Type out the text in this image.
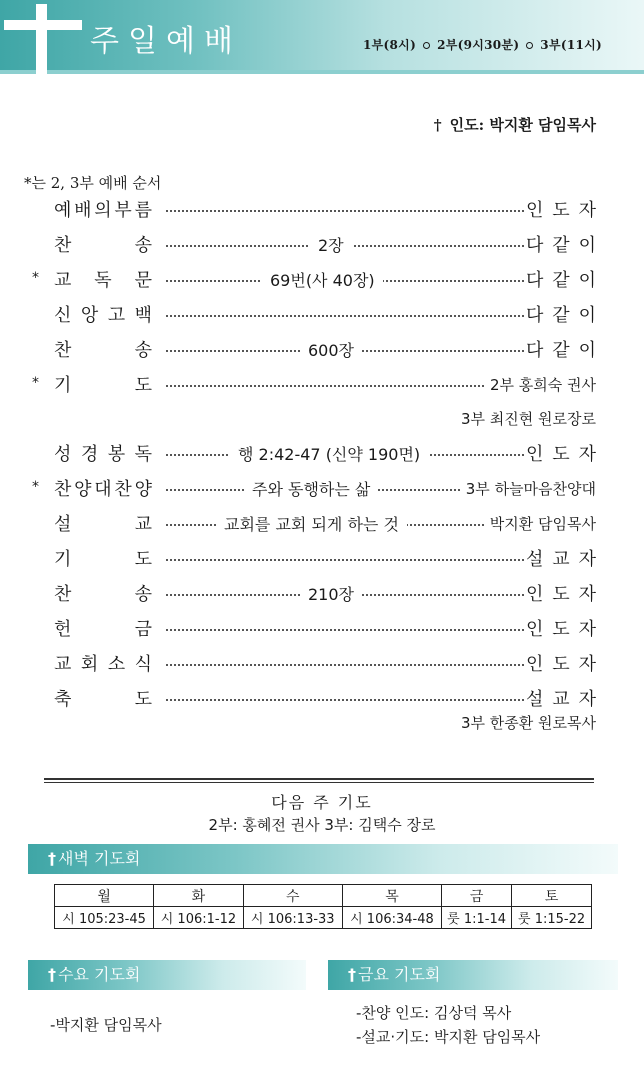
주일예배	1부(8시) 2부(9시30분) 3부(11시)
† 인도: 박지환 담임목사
*는 2, 3부 예배 순서
예 배 의 부 름	인 도 자
찬	송	2장	다 같 이
* 교 독 문	69번(사 40장)	다 같 이
신 앙 고 백	다 같 이
찬	송	600장	다 같 이
* 기	도	2부 홍희숙 권사
3부 최진현 원로장로
성 경 봉 독	행 2:42-47 (신약 190면)	인 도 자
* 찬 양 대 찬 양	주와 동행하는 삶	3부 하늘마음찬양대
설	교	교회를 교회 되게 하는 것	박지환 담임목사
기	도	설 교 자
찬	송	210장	인 도 자
헌	금	인 도 자
교 회 소 식	인 도 자
축	도	설 교 자
3부 한종환 원로목사
다음 주 기도
2부: 홍혜전 권사 3부: 김택수 장로
† 새벽 기도회
월	화	수	목	금	토
시 105:23-45	시 106:1-12	시 106:13-33	시 106:34-48	룻 1:1-14	룻 1:15-22
† 수요 기도회
-박지환 담임목사
† 금요 기도회
-찬양 인도: 김상덕 목사
-설교·기도: 박지환 담임목사
